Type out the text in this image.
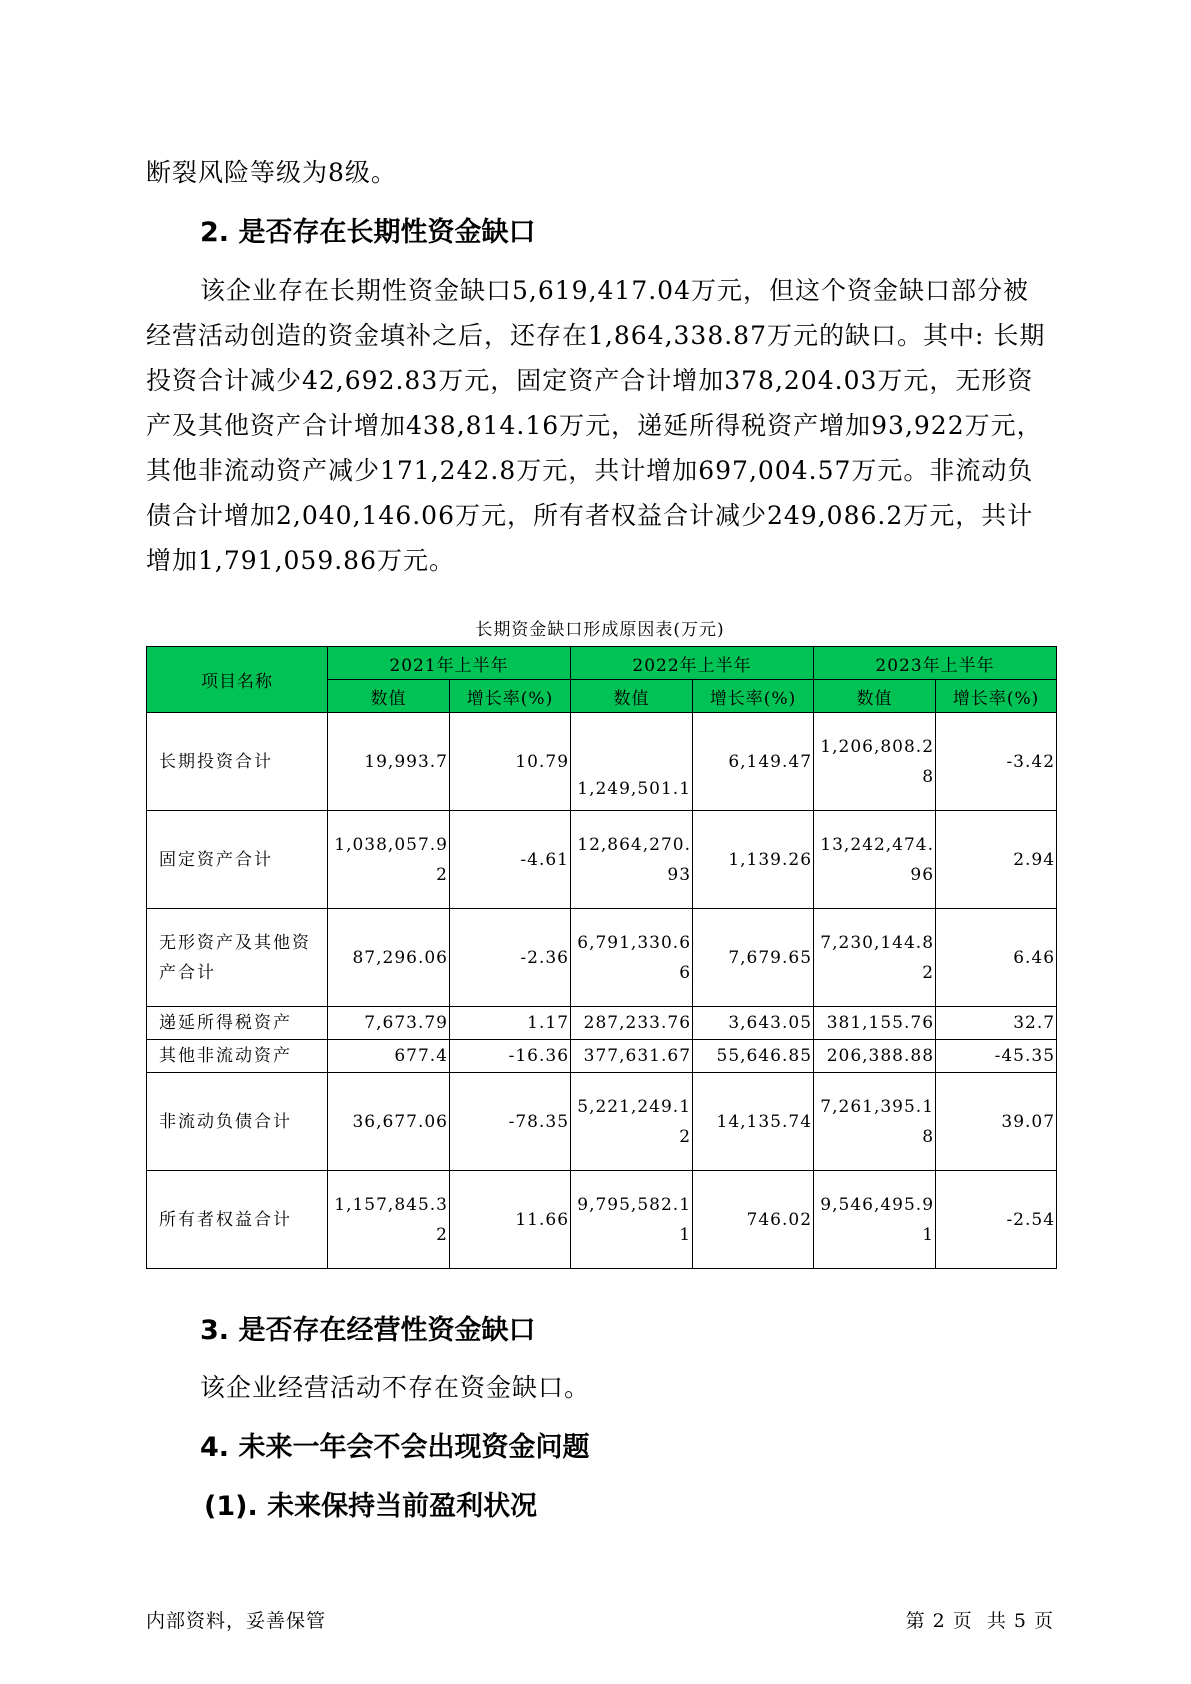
断裂风险等级为8级。

2. 是否存在长期性资金缺口

该企业存在长期性资金缺口5,619,417.04万元，但这个资金缺口部分被经营活动创造的资金填补之后，还存在1,864,338.87万元的缺口。其中: 长期投资合计减少42,692.83万元，固定资产合计增加378,204.03万元，无形资产及其他资产合计增加438,814.16万元，递延所得税资产增加93,922万元，其他非流动资产减少171,242.8万元，共计增加697,004.57万元。非流动负债合计增加2,040,146.06万元，所有者权益合计减少249,086.2万元，共计增加1,791,059.86万元。

长期资金缺口形成原因表(万元)
项目名称	2021年上半年		2022年上半年		2023年上半年	
	数值	增长率(%)	数值	增长率(%)	数值	增长率(%)
长期投资合计	19,993.7	10.79	1,249,501.1	6,149.47	1,206,808.28	-3.42
固定资产合计	1,038,057.92	-4.61	12,864,270.93	1,139.26	13,242,474.96	2.94
无形资产及其他资产合计	87,296.06	-2.36	6,791,330.66	7,679.65	7,230,144.82	6.46
递延所得税资产	7,673.79	1.17	287,233.76	3,643.05	381,155.76	32.7
其他非流动资产	677.4	-16.36	377,631.67	55,646.85	206,388.88	-45.35
非流动负债合计	36,677.06	-78.35	5,221,249.12	14,135.74	7,261,395.18	39.07
所有者权益合计	1,157,845.32	11.66	9,795,582.11	746.02	9,546,495.91	-2.54
3. 是否存在经营性资金缺口

该企业经营活动不存在资金缺口。

4. 未来一年会不会出现资金问题
(1). 未来保持当前盈利状况
内部资料，妥善保管	第 2 页  共 5 页
